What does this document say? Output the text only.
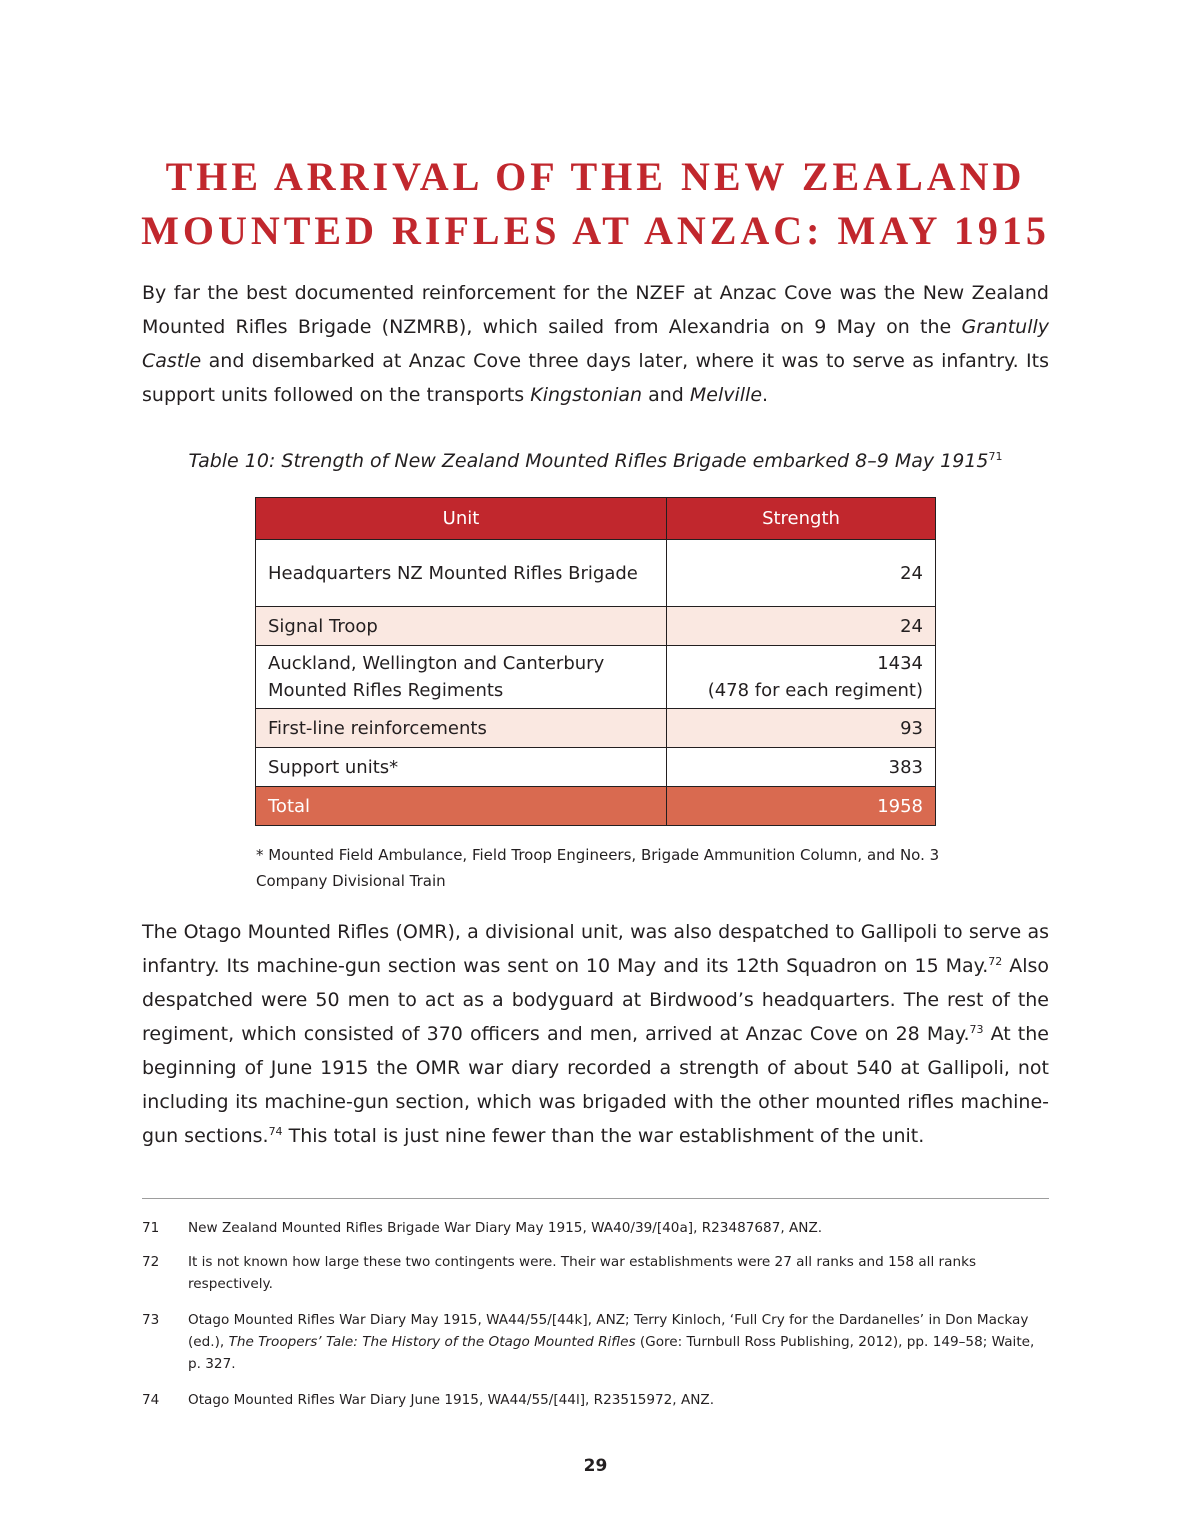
THE ARRIVAL OF THE NEW ZEALAND
MOUNTED RIFLES AT ANZAC: MAY 1915

By far the best documented reinforcement for the NZEF at Anzac Cove was the New Zealand Mounted Rifles Brigade (NZMRB), which sailed from Alexandria on 9 May on the Grantully Castle and disembarked at Anzac Cove three days later, where it was to serve as infantry. Its support units followed on the transports Kingstonian and Melville.

Table 10: Strength of New Zealand Mounted Rifles Brigade embarked 8–9 May 1915$^{71}$

Unit	Strength
Headquarters NZ Mounted Rifles Brigade	24
Signal Troop	24
Auckland, Wellington and Canterbury Mounted Rifles Regiments	1434
(478 for each regiment)
First-line reinforcements	93
Support units*	383
Total	1958

* Mounted Field Ambulance, Field Troop Engineers, Brigade Ammunition Column, and No. 3 Company Divisional Train

The Otago Mounted Rifles (OMR), a divisional unit, was also despatched to Gallipoli to serve as infantry. Its machine-gun section was sent on 10 May and its 12th Squadron on 15 May.$^{72}$ Also despatched were 50 men to act as a bodyguard at Birdwood’s headquarters. The rest of the regiment, which consisted of 370 officers and men, arrived at Anzac Cove on 28 May.$^{73}$ At the beginning of June 1915 the OMR war diary recorded a strength of about 540 at Gallipoli, not including its machine-gun section, which was brigaded with the other mounted rifles machine-gun sections.$^{74}$ This total is just nine fewer than the war establishment of the unit.

71 New Zealand Mounted Rifles Brigade War Diary May 1915, WA40/39/[40a], R23487687, ANZ.
72 It is not known how large these two contingents were. Their war establishments were 27 all ranks and 158 all ranks respectively.
73 Otago Mounted Rifles War Diary May 1915, WA44/55/[44k], ANZ; Terry Kinloch, ‘Full Cry for the Dardanelles’ in Don Mackay (ed.), The Troopers’ Tale: The History of the Otago Mounted Rifles (Gore: Turnbull Ross Publishing, 2012), pp. 149–58; Waite, p. 327.
74 Otago Mounted Rifles War Diary June 1915, WA44/55/[44l], R23515972, ANZ.
29
